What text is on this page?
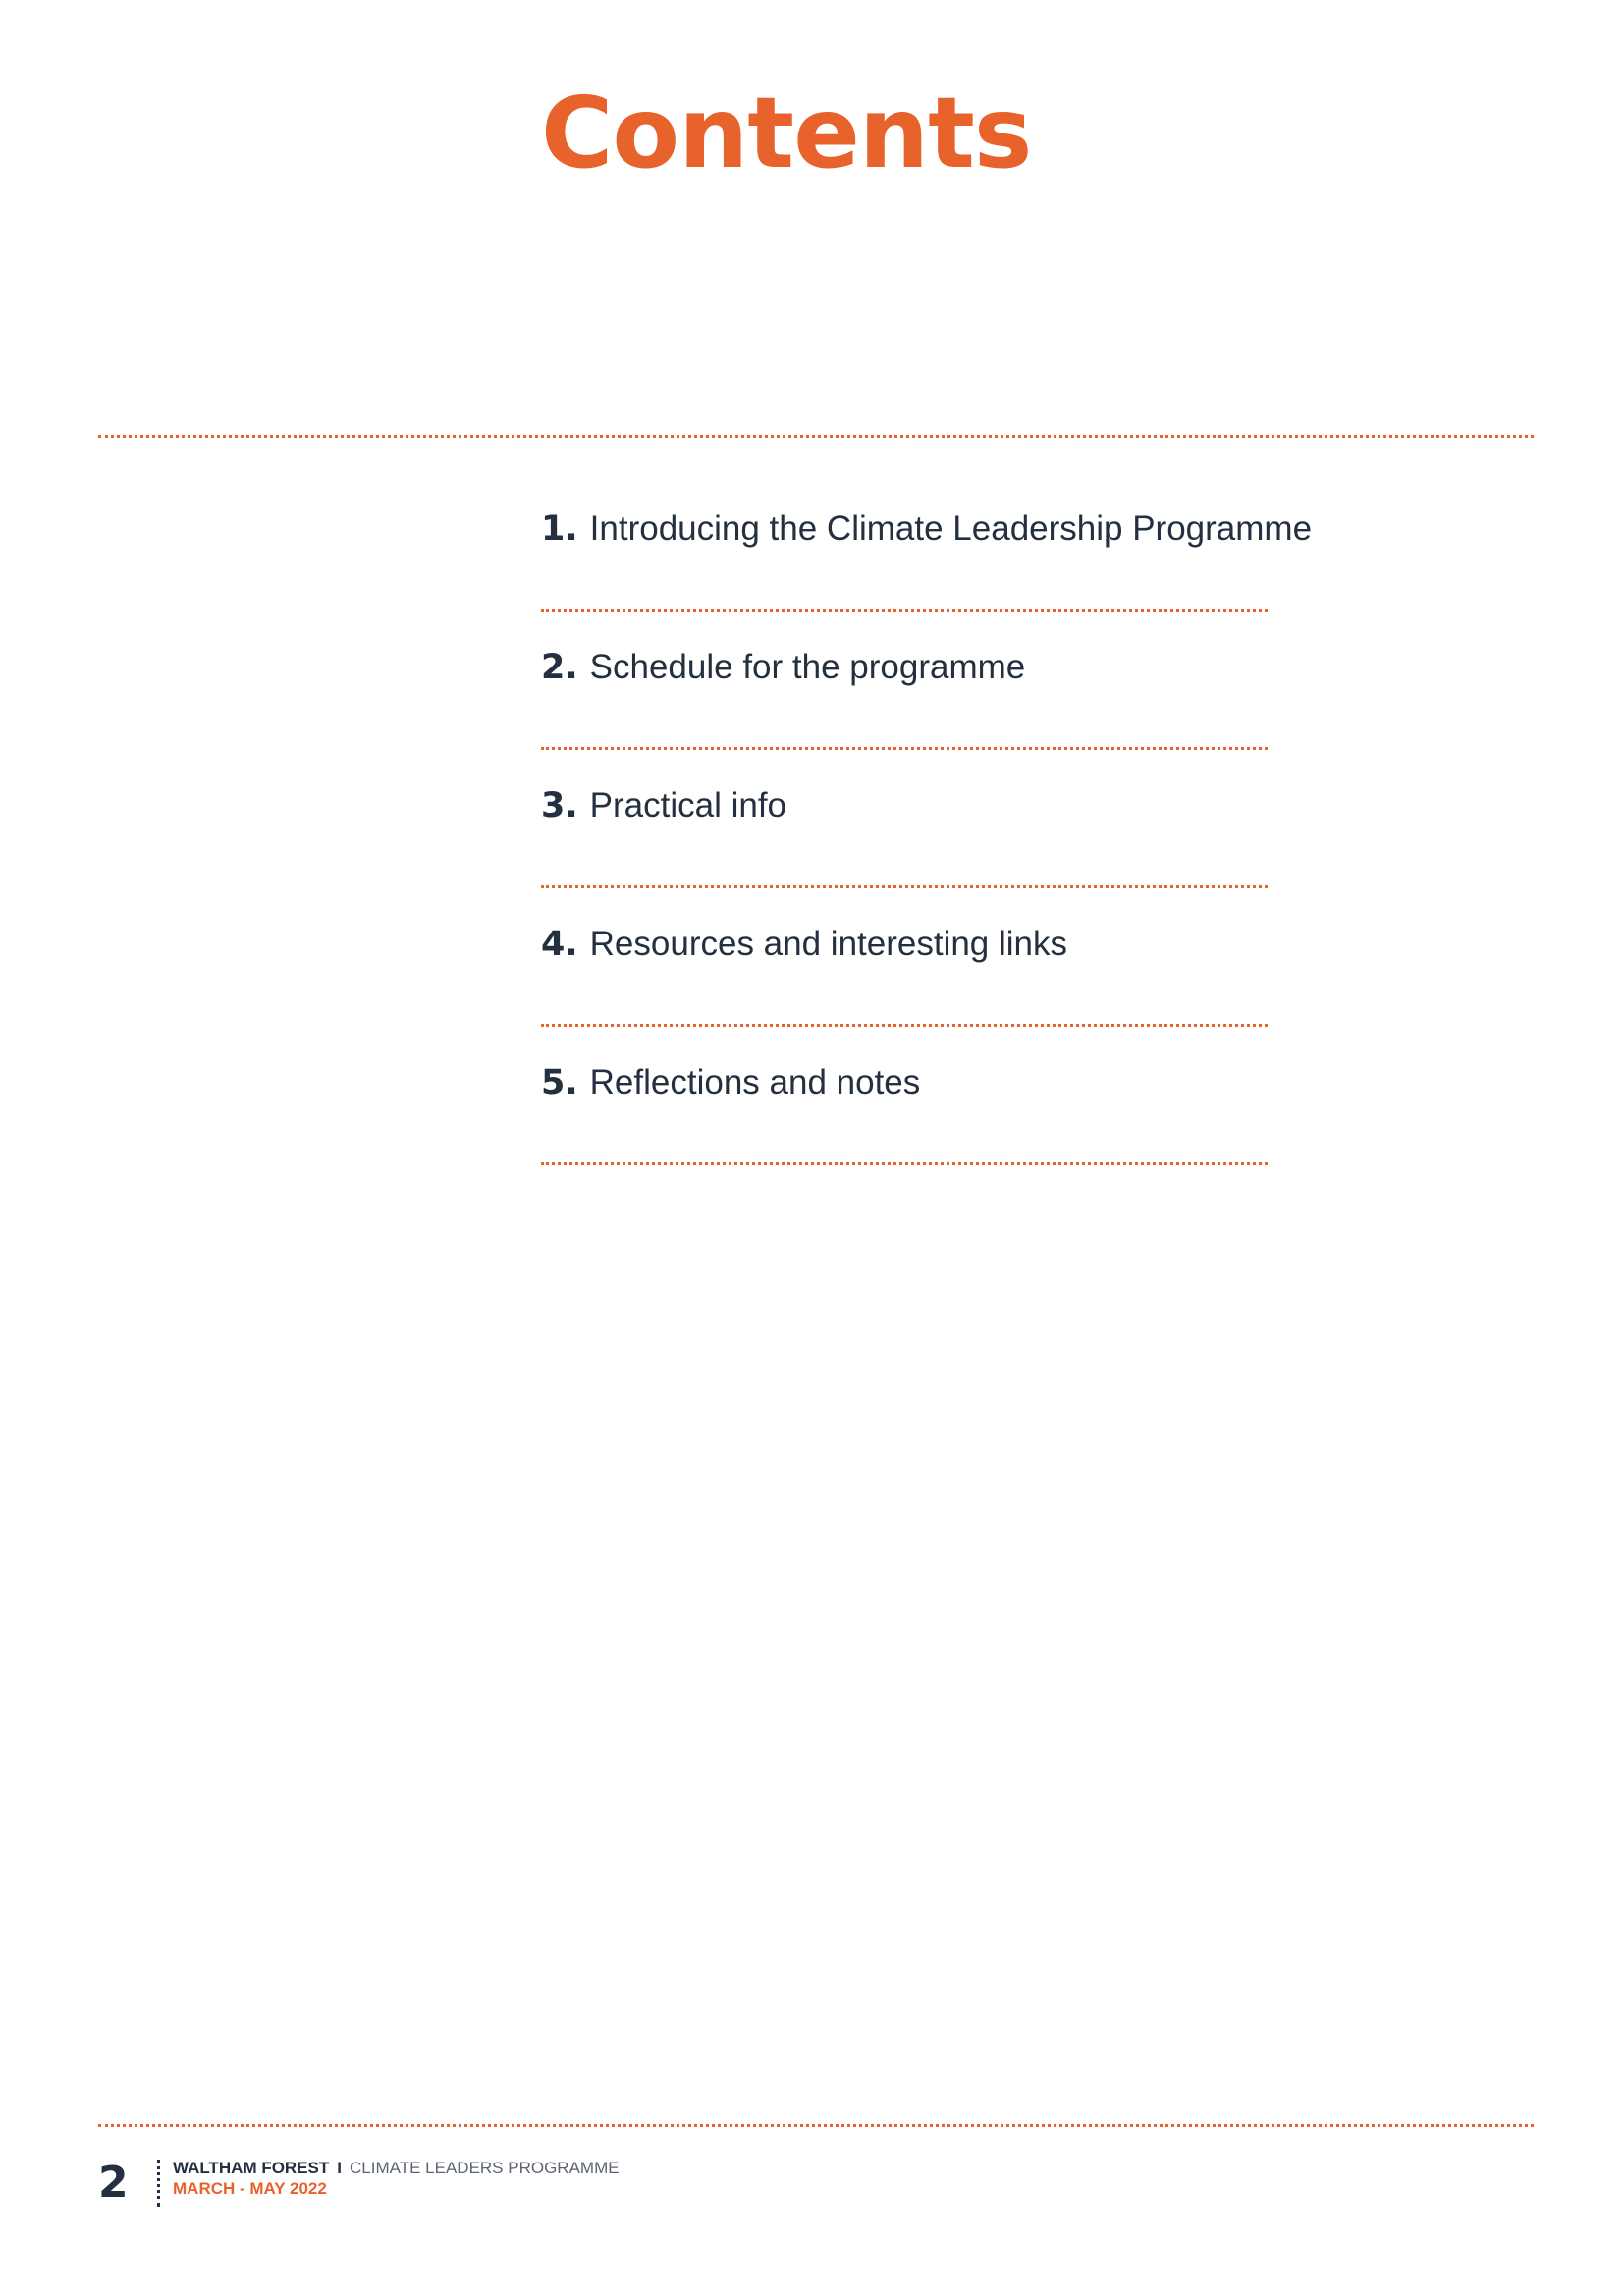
Contents
1. Introducing the Climate Leadership Programme
2. Schedule for the programme
3. Practical info
4. Resources and interesting links
5. Reflections and notes
2	WALTHAM FOREST I CLIMATE LEADERS PROGRAMME
MARCH - MAY 2022
